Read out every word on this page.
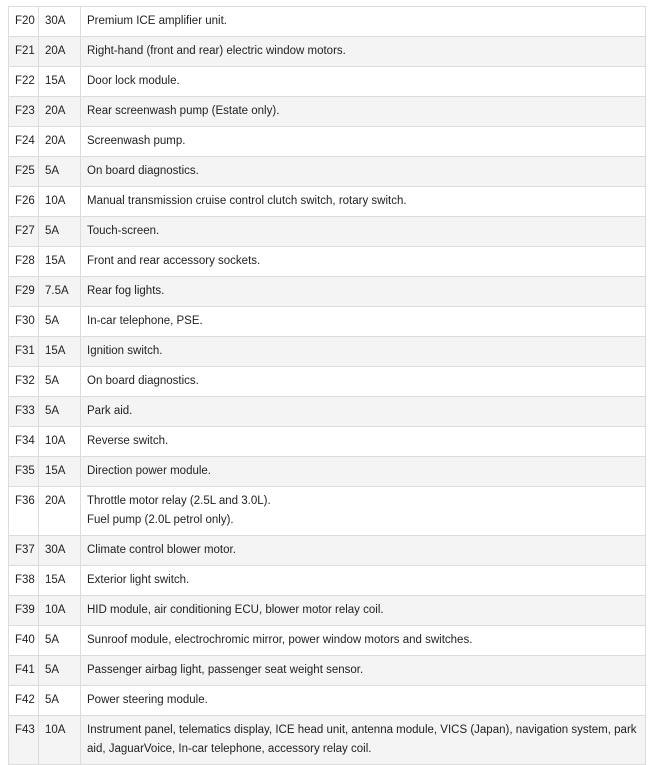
F20	30A	Premium ICE amplifier unit.

F21	20A	Right-hand (front and rear) electric window motors.

F22	15A	Door lock module.

F23	20A	Rear screenwash pump (Estate only).

F24	20A	Screenwash pump.

F25	5A	On board diagnostics.

F26	10A	Manual transmission cruise control clutch switch, rotary switch.

F27	5A	Touch-screen.

F28	15A	Front and rear accessory sockets.

F29	7.5A	Rear fog lights.

F30	5A	In-car telephone, PSE.

F31	15A	Ignition switch.

F32	5A	On board diagnostics.

F33	5A	Park aid.

F34	10A	Reverse switch.

F35	15A	Direction power module.

F36	20A	Throttle motor relay (2.5L and 3.0L).
Fuel pump (2.0L petrol only).

F37	30A	Climate control blower motor.

F38	15A	Exterior light switch.

F39	10A	HID module, air conditioning ECU, blower motor relay coil.

F40	5A	Sunroof module, electrochromic mirror, power window motors and switches.

F41	5A	Passenger airbag light, passenger seat weight sensor.

F42	5A	Power steering module.

F43	10A	Instrument panel, telematics display, ICE head unit, antenna module, VICS (Japan), navigation system, park aid, JaguarVoice, In-car telephone, accessory relay coil.
